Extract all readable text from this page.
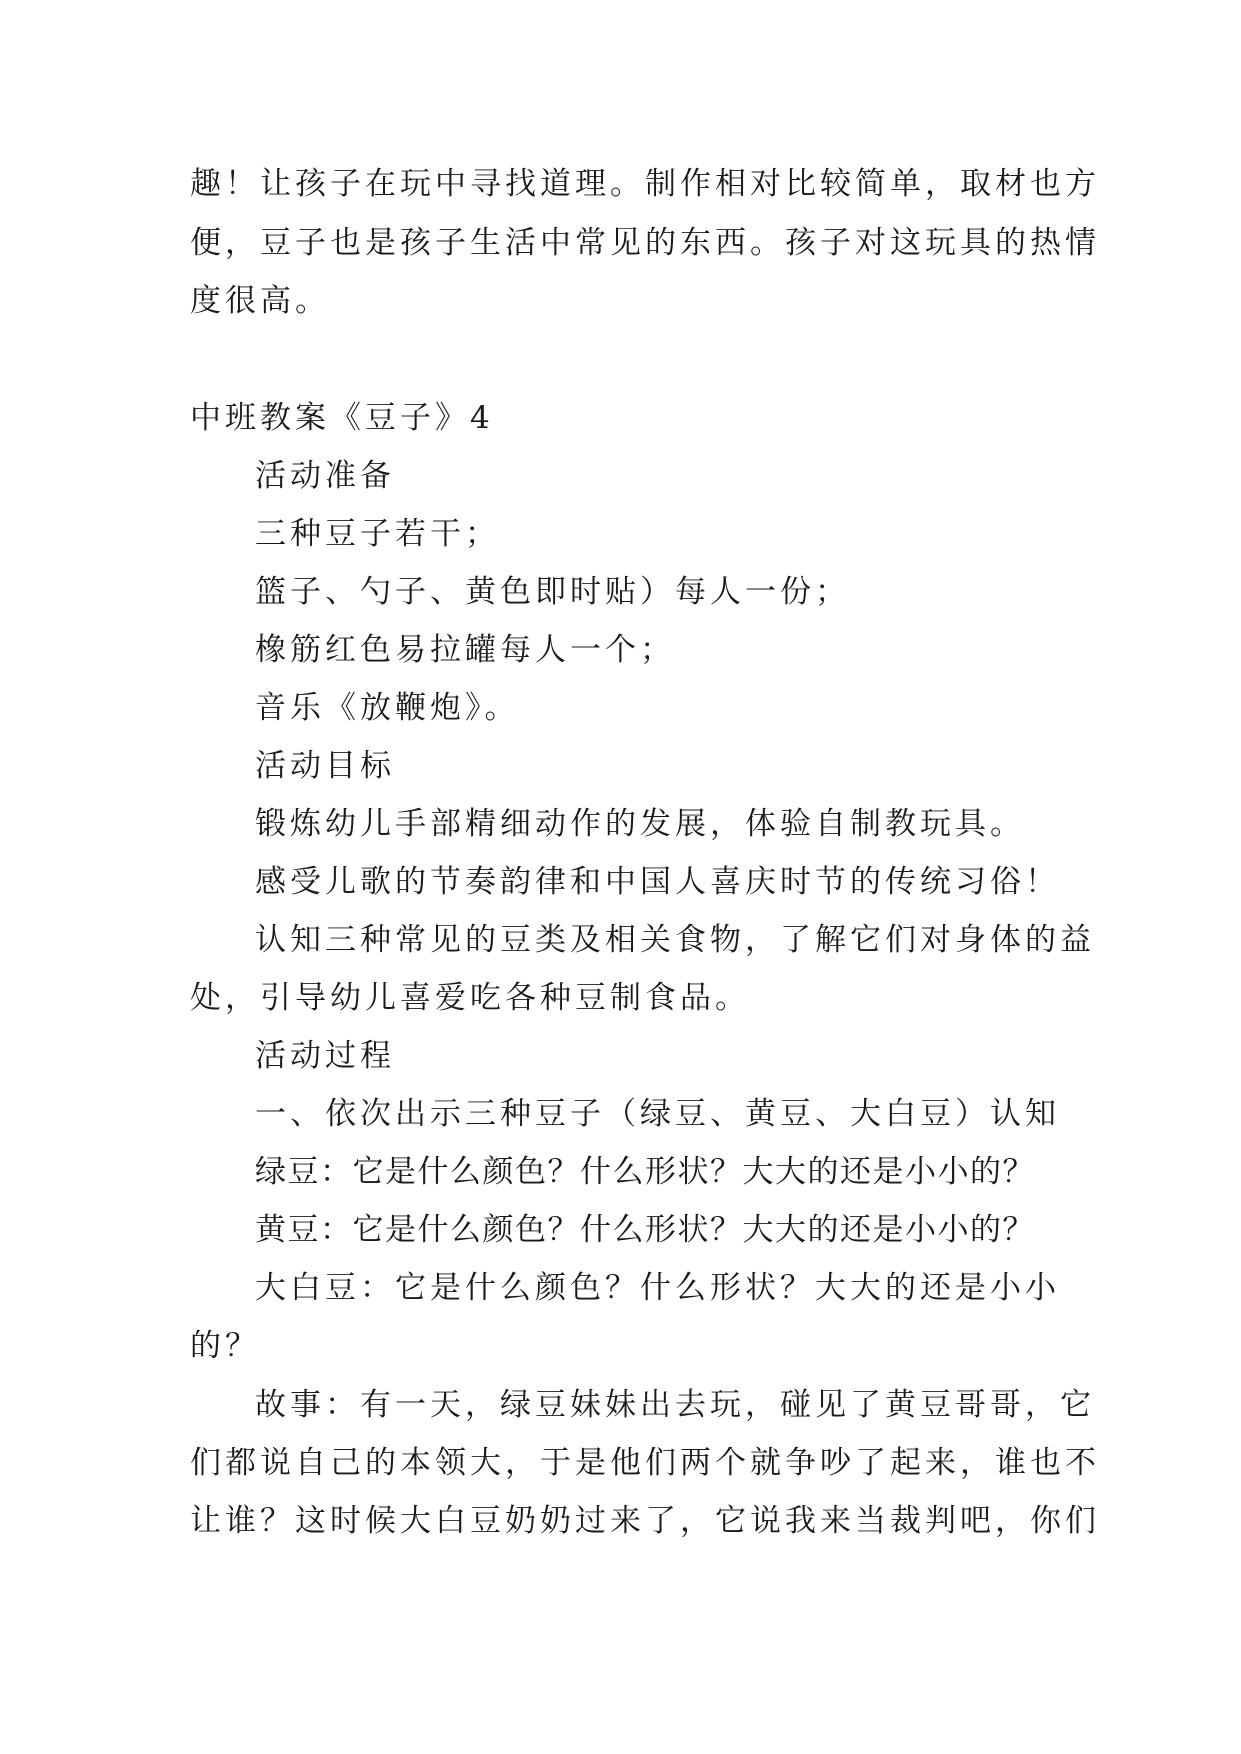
趣！让孩子在玩中寻找道理。制作相对比较简单，取材也方
便，豆子也是孩子生活中常见的东西。孩子对这玩具的热情
度很高。
中班教案《豆子》4
活动准备
三种豆子若干；
篮子、勺子、黄色即时贴）每人一份；
橡筋红色易拉罐每人一个；
音乐《放鞭炮》。
活动目标
锻炼幼儿手部精细动作的发展，体验自制教玩具。
感受儿歌的节奏韵律和中国人喜庆时节的传统习俗！
认知三种常见的豆类及相关食物，了解它们对身体的益
处，引导幼儿喜爱吃各种豆制食品。
活动过程
一、依次出示三种豆子（绿豆、黄豆、大白豆）认知
绿豆：它是什么颜色？什么形状？大大的还是小小的？
黄豆：它是什么颜色？什么形状？大大的还是小小的？
大白豆：它是什么颜色？什么形状？大大的还是小小
的？
故事：有一天，绿豆妹妹出去玩，碰见了黄豆哥哥，它
们都说自己的本领大，于是他们两个就争吵了起来，谁也不
让谁？这时候大白豆奶奶过来了，它说我来当裁判吧，你们
